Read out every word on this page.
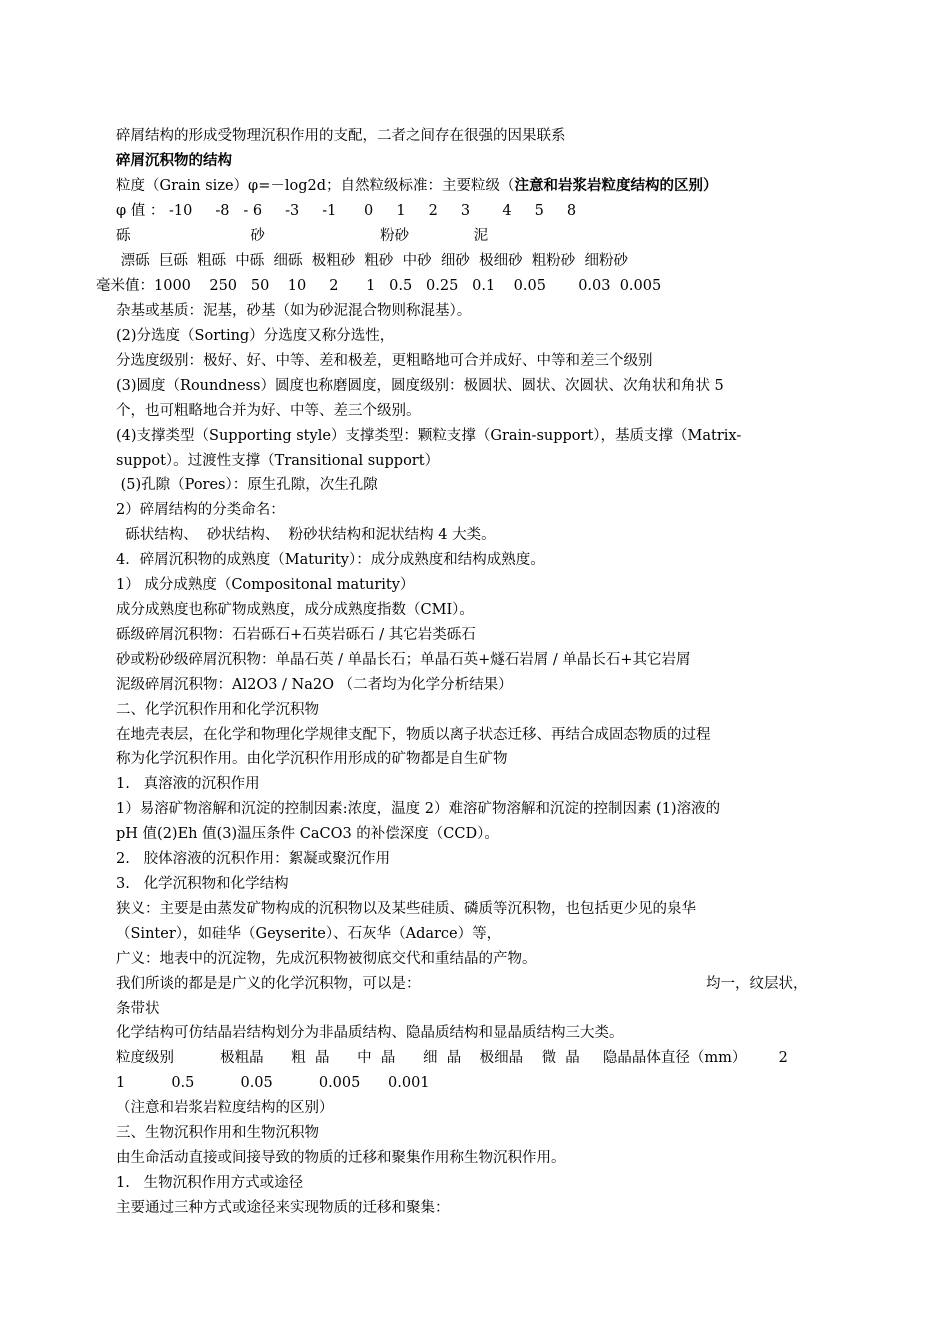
碎屑结构的形成受物理沉积作用的支配，二者之间存在很强的因果联系
碎屑沉积物的结构
粒度（Grain size）φ=－log2d；自然粒级标准：主要粒级（注意和岩浆岩粒度结构的区别）
φ 值 ： -10     -8   - 6     -3     -1      0     1     2     3       4     5     8
砾                          砂                         粉砂              泥
漂砾  巨砾  粗砾  中砾  细砾  极粗砂  粗砂  中砂  细砂  极细砂  粗粉砂  细粉砂
毫米值：1000    250   50    10     2      1   0.5   0.25   0.1    0.05       0.03  0.005
杂基或基质：泥基，砂基（如为砂泥混合物则称混基）。
(2)分选度（Sorting）分选度又称分选性，
分选度级别：极好、好、中等、差和极差，更粗略地可合并成好、中等和差三个级别
(3)圆度（Roundness）圆度也称磨圆度，圆度级别：极圆状、圆状、次圆状、次角状和角状 5
个，也可粗略地合并为好、中等、差三个级别。
(4)支撑类型（Supporting style）支撑类型：颗粒支撑（Grain-support），基质支撑（Matrix-
suppot）。过渡性支撑（Transitional support）
(5)孔隙（Pores）：原生孔隙，次生孔隙
2）碎屑结构的分类命名：
砾状结构、  砂状结构、  粉砂状结构和泥状结构 4 大类。
4．碎屑沉积物的成熟度（Maturity）：成分成熟度和结构成熟度。
1） 成分成熟度（Compositonal maturity）
成分成熟度也称矿物成熟度，成分成熟度指数（CMI）。
砾级碎屑沉积物：石岩砾石+石英岩砾石 / 其它岩类砾石
砂或粉砂级碎屑沉积物：单晶石英 / 单晶长石；单晶石英+燧石岩屑 / 单晶长石+其它岩屑
泥级碎屑沉积物：Al2O3 / Na2O （二者均为化学分析结果）
二、化学沉积作用和化学沉积物
在地壳表层，在化学和物理化学规律支配下，物质以离子状态迁移、再结合成固态物质的过程
称为化学沉积作用。由化学沉积作用形成的矿物都是自生矿物
1.   真溶液的沉积作用
1）易溶矿物溶解和沉淀的控制因素:浓度，温度 2）难溶矿物溶解和沉淀的控制因素 (1)溶液的
pH 值(2)Eh 值(3)温压条件 CaCO3 的补偿深度（CCD）。
2.   胶体溶液的沉积作用：絮凝或聚沉作用
3.   化学沉积物和化学结构
狭义：主要是由蒸发矿物构成的沉积物以及某些硅质、磷质等沉积物，也包括更少见的泉华
（Sinter），如硅华（Geyserite）、石灰华（Adarce）等，
广义：地表中的沉淀物，先成沉积物被彻底交代和重结晶的产物。
我们所谈的都是是广义的化学沉积物，可以是：	均一，纹层状，
条带状
化学结构可仿结晶岩结构划分为非晶质结构、隐晶质结构和显晶质结构三大类。
粒度级别          极粗晶      粗  晶      中  晶      细  晶    极细晶    微  晶     隐晶晶体直径（mm）       2
1          0.5          0.05          0.005      0.001
（注意和岩浆岩粒度结构的区别）
三、生物沉积作用和生物沉积物
由生命活动直接或间接导致的物质的迁移和聚集作用称生物沉积作用。
1.   生物沉积作用方式或途径
主要通过三种方式或途径来实现物质的迁移和聚集：
